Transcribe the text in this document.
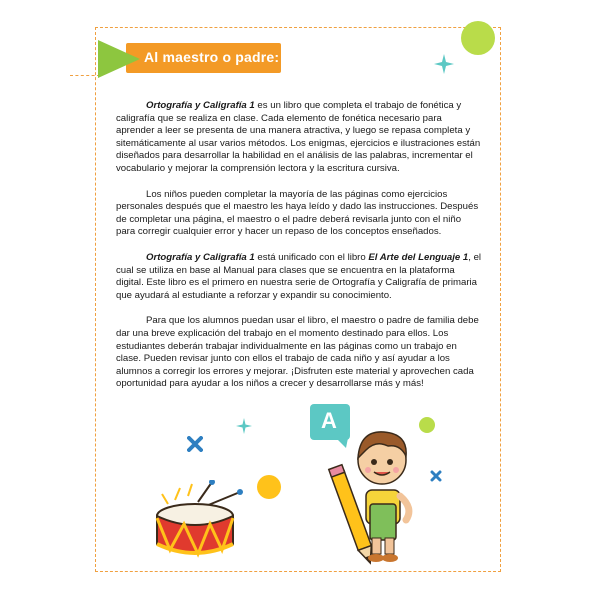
Al maestro o padre:

Ortografía y Caligrafía 1 es un libro que completa el trabajo de fonética y caligrafía que se realiza en clase. Cada elemento de fonética necesario para aprender a leer se presenta de una manera atractiva, y luego se repasa completa y sitemáticamente al usar varios métodos. Los enigmas, ejercicios e ilustraciones están diseñados para desarrollar la habilidad en el análisis de las palabras, incrementar el vocabulario y mejorar la comprensión lectora y la escritura cursiva.

Los niños pueden completar la mayoría de las páginas como ejercicios personales después que el maestro les haya leído y dado las instrucciones. Después de completar una página, el maestro o el padre deberá revisarla junto con el niño para corregir cualquier error y hacer un repaso de los conceptos enseñados.

Ortografía y Caligrafía 1 está unificado con el libro El Arte del Lenguaje 1, el cual se utiliza en base al Manual para clases que se encuentra en la plataforma digital. Este libro es el primero en nuestra serie de Ortografía y Caligrafía de primaria que ayudará al estudiante a reforzar y expandir su conocimiento.

Para que los alumnos puedan usar el libro, el maestro o padre de familia debe dar una breve explicación del trabajo en el momento destinado para ellos. Los estudiantes deberán trabajar individualmente en las páginas como un trabajo en clase. Pueden revisar junto con ellos el trabajo de cada niño y así ayudar a los alumnos a corregir los errores y mejorar. ¡Disfruten este material y aprovechen cada oportunidad para ayudar a los niños a crecer y desarrollarse más y más!

A
